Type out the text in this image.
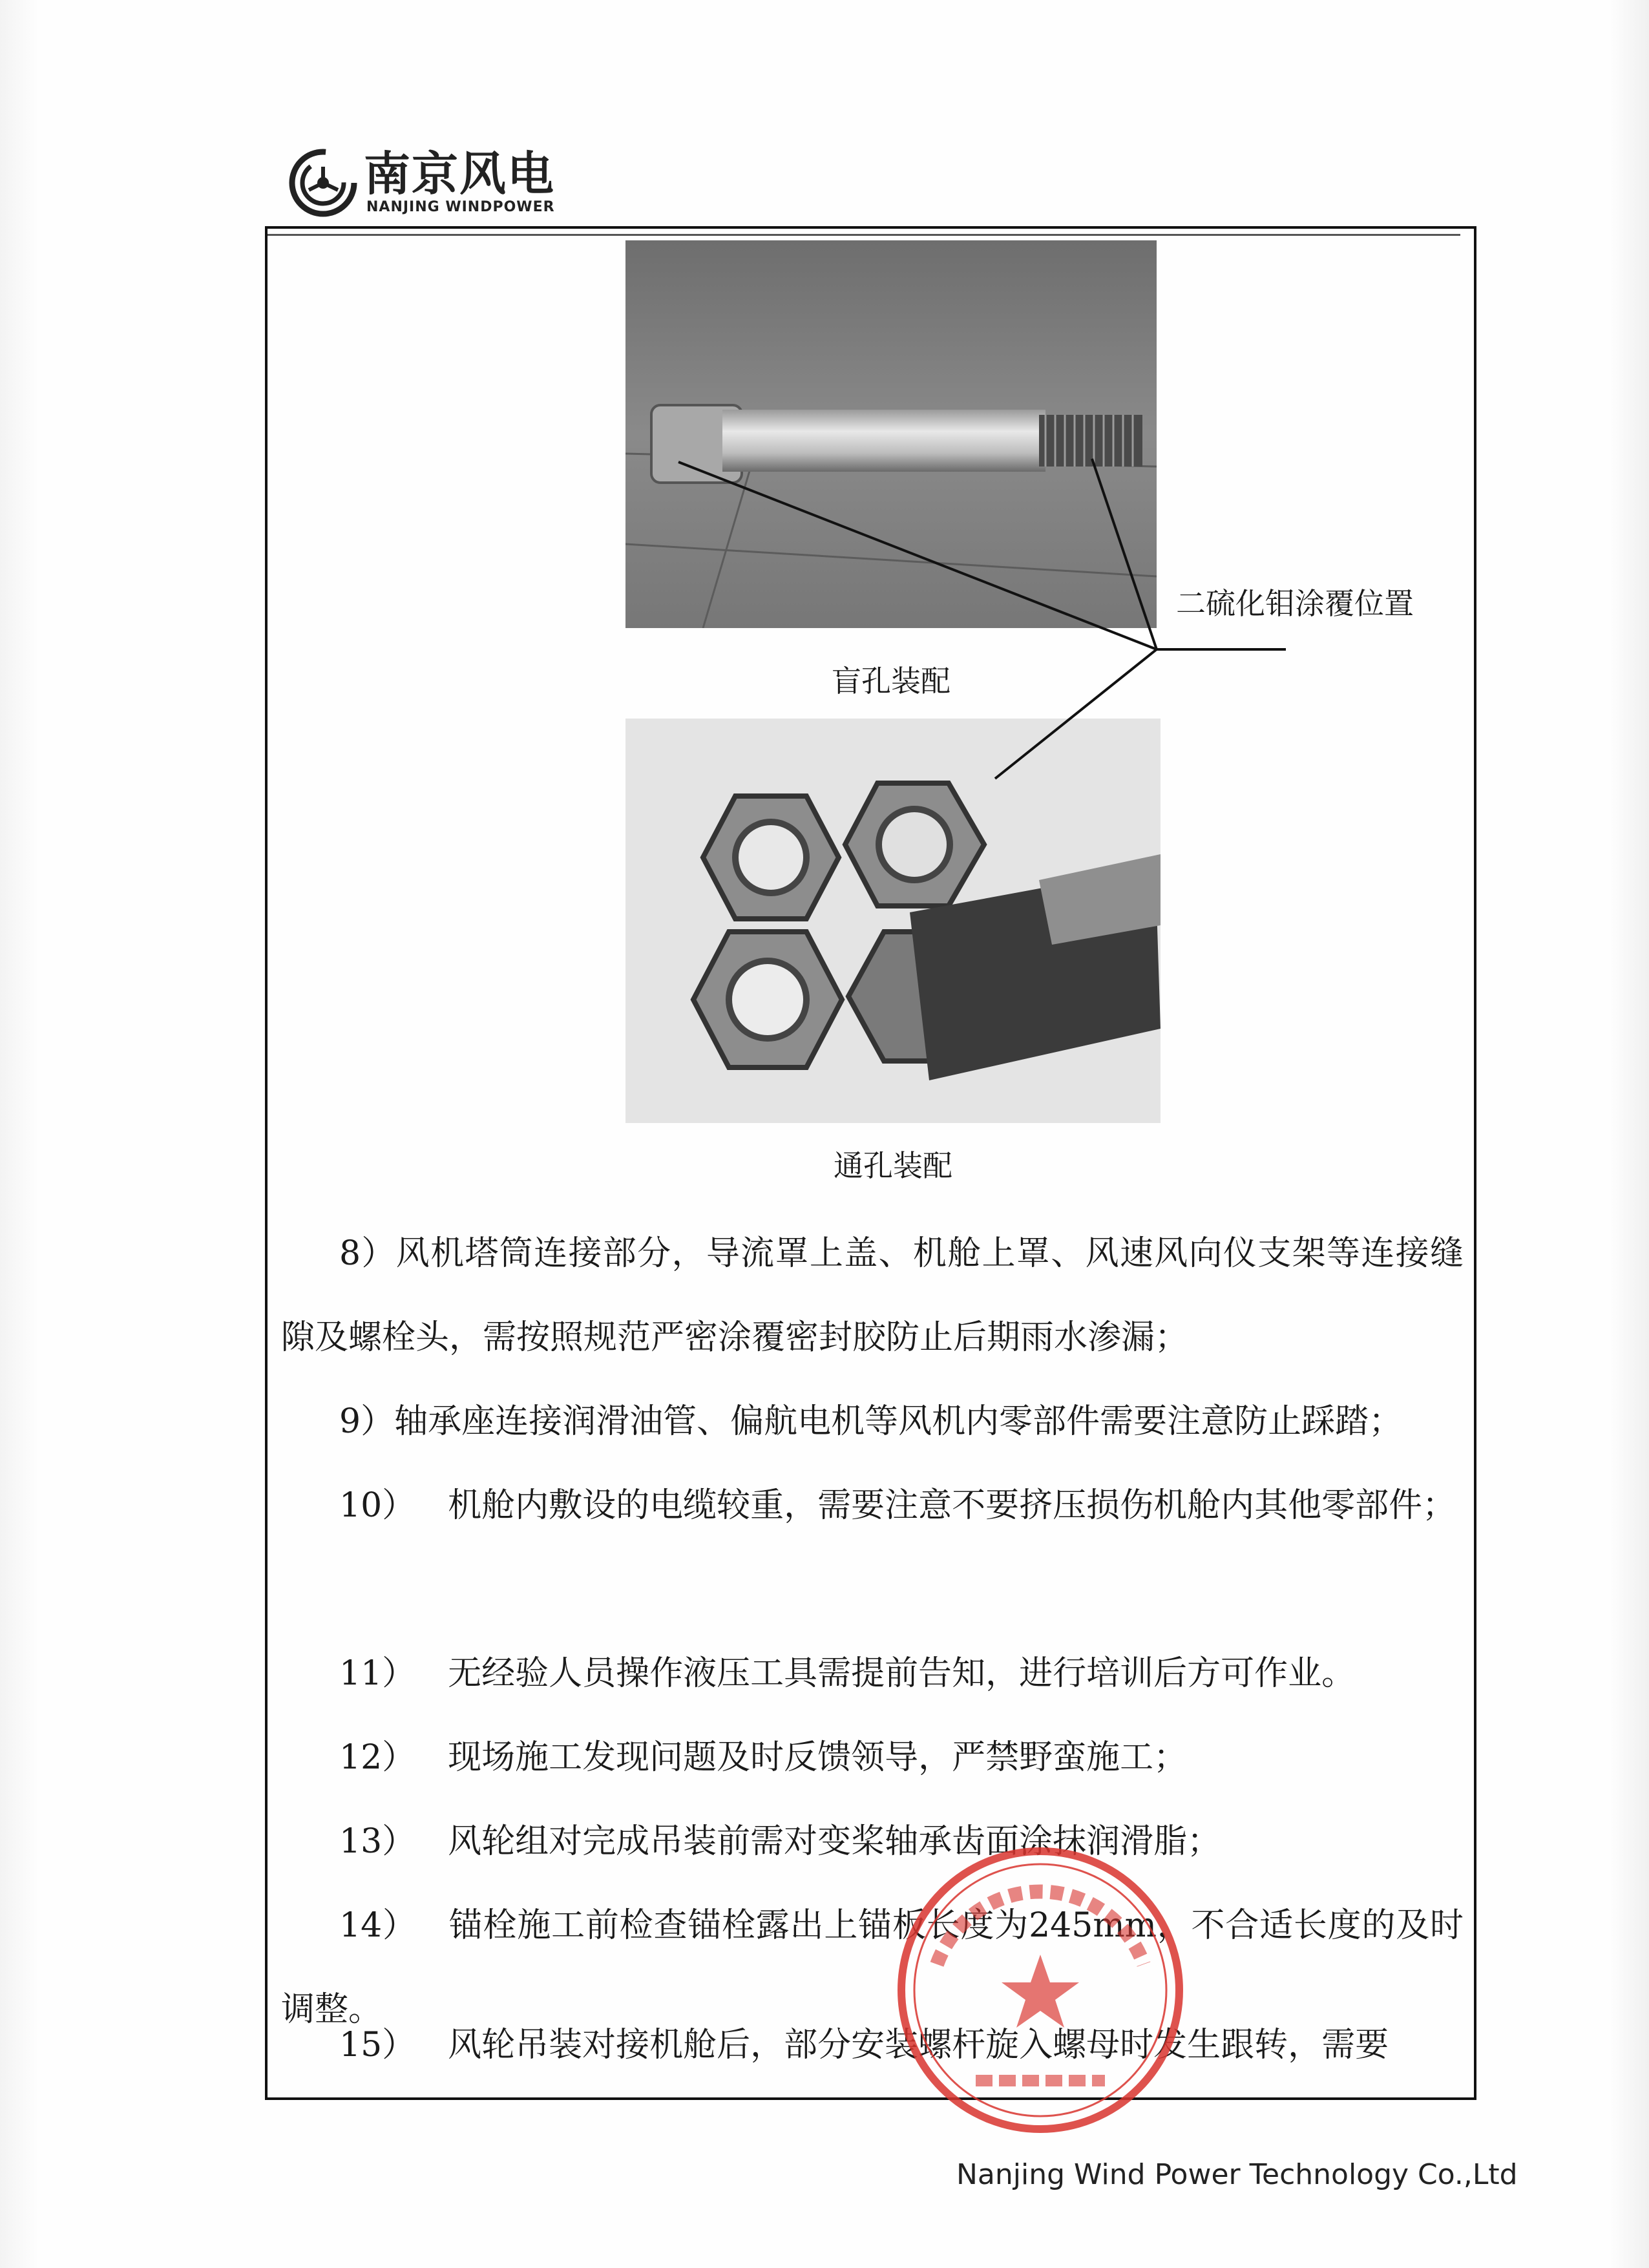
南京风电
NANJING WINDPOWER
二硫化钼涂覆位置
盲孔装配
通孔装配
8）风机塔筒连接部分，导流罩上盖、机舱上罩、风速风向仪支架等连接缝隙及螺栓头，需按照规范严密涂覆密封胶防止后期雨水渗漏；
9）轴承座连接润滑油管、偏航电机等风机内零部件需要注意防止踩踏；
10） 机舱内敷设的电缆较重，需要注意不要挤压损伤机舱内其他零部件；
11） 无经验人员操作液压工具需提前告知，进行培训后方可作业。
12） 现场施工发现问题及时反馈领导，严禁野蛮施工；
13） 风轮组对完成吊装前需对变桨轴承齿面涂抹润滑脂；
14） 锚栓施工前检查锚栓露出上锚板长度为245mm，不合适长度的及时调整。
15） 风轮吊装对接机舱后，部分安装螺杆旋入螺母时发生跟转，需要
Nanjing Wind Power Technology Co.,Ltd
